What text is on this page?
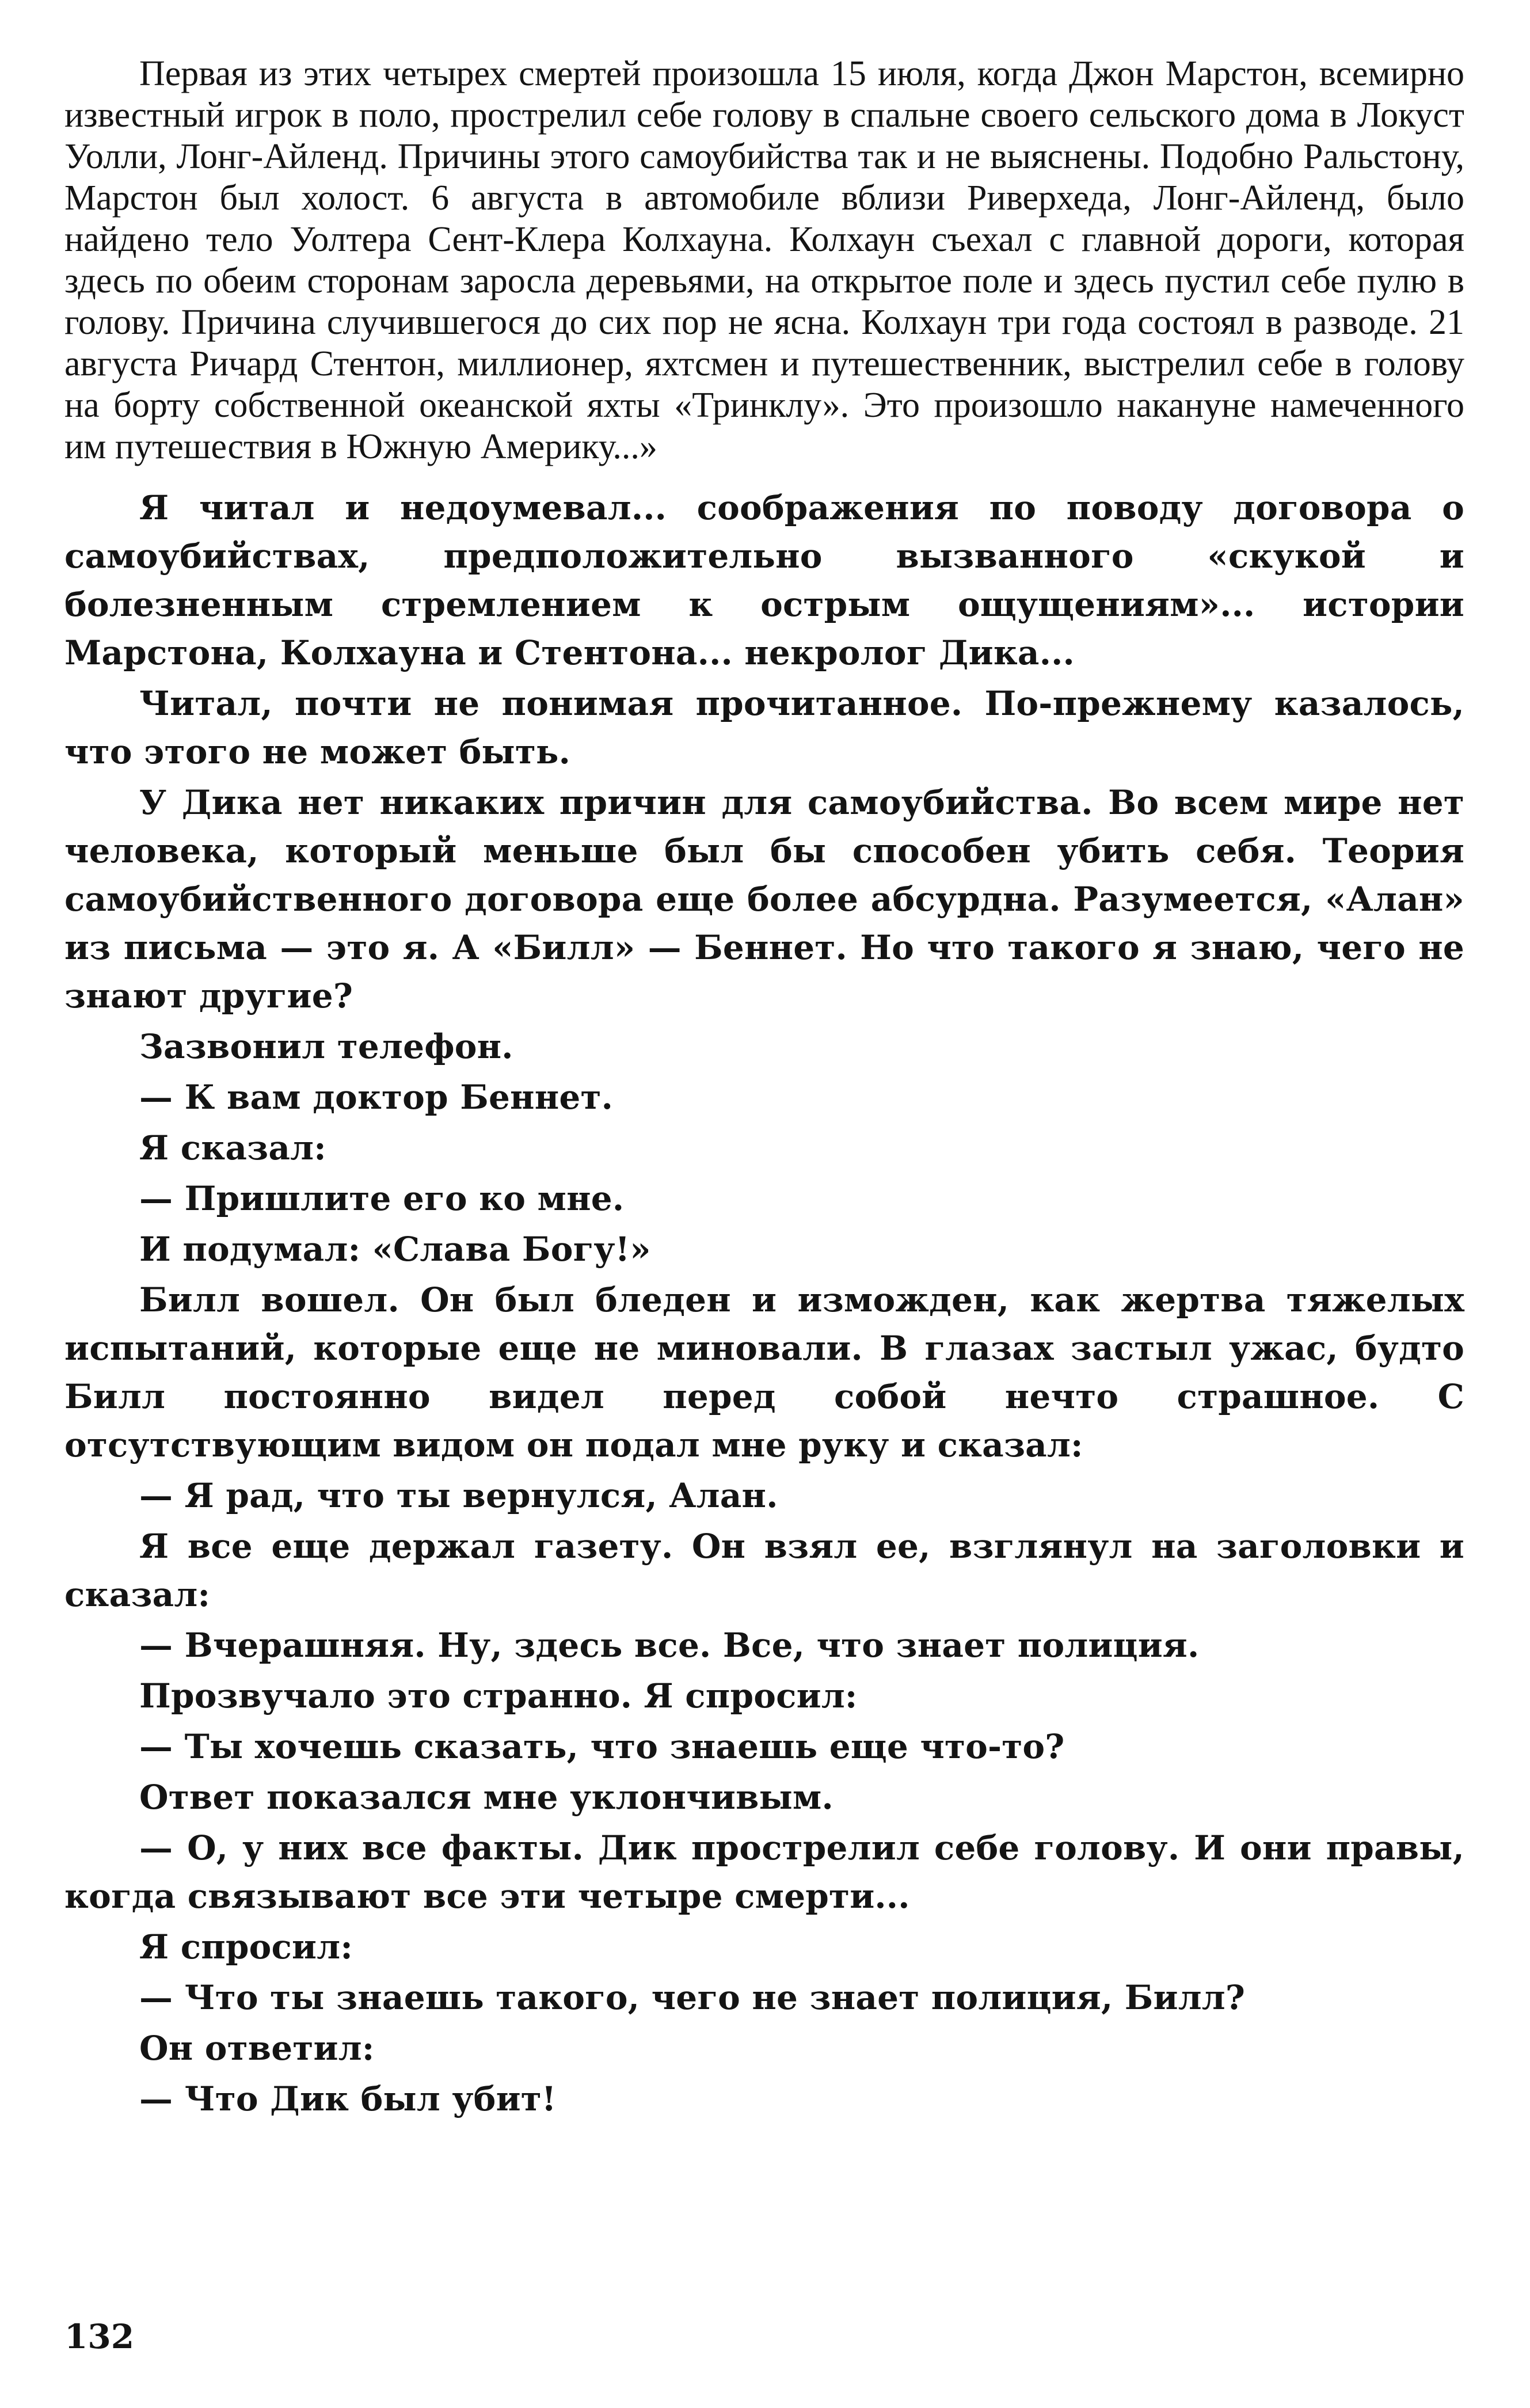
Первая из этих четырех смертей произошла 15 июля, когда Джон Марстон, всемирно известный игрок в поло, прострелил себе голову в спальне своего сельского дома в Локуст Уолли, Лонг-Айленд. Причины этого самоубийства так и не выяснены. Подобно Ральстону, Марстон был холост. 6 августа в автомобиле вблизи Риверхеда, Лонг-Айленд, было найдено тело Уолтера Сент-Клера Колхауна. Колхаун съехал с главной дороги, которая здесь по обеим сторонам заросла деревьями, на открытое поле и здесь пустил себе пулю в голову. Причина случившегося до сих пор не ясна. Колхаун три года состоял в разводе. 21 августа Ричард Стентон, миллионер, яхтсмен и путешественник, выстрелил себе в голову на борту собственной океанской яхты «Тринклу». Это произошло накануне намеченного им путешествия в Южную Америку...»

Я читал и недоумевал... соображения по поводу договора о самоубийствах, предположительно вызванного «скукой и болезненным стремлением к острым ощущениям»... истории Марстона, Колхауна и Стентона... некролог Дика...

Читал, почти не понимая прочитанное. По-прежнему казалось, что этого не может быть.

У Дика нет никаких причин для самоубийства. Во всем мире нет человека, который меньше был бы способен убить себя. Теория самоубийственного договора еще более абсурдна. Разумеется, «Алан» из письма — это я. А «Билл» — Беннет. Но что такого я знаю, чего не знают другие?

Зазвонил телефон.

— К вам доктор Беннет.

Я сказал:

— Пришлите его ко мне.

И подумал: «Слава Богу!»

Билл вошел. Он был бледен и изможден, как жертва тяжелых испытаний, которые еще не миновали. В глазах застыл ужас, будто Билл постоянно видел перед собой нечто страшное. С отсутствующим видом он подал мне руку и сказал:

— Я рад, что ты вернулся, Алан.

Я все еще держал газету. Он взял ее, взглянул на заголовки и сказал:

— Вчерашняя. Ну, здесь все. Все, что знает полиция.

Прозвучало это странно. Я спросил:

— Ты хочешь сказать, что знаешь еще что-то?

Ответ показался мне уклончивым.

— О, у них все факты. Дик прострелил себе голову. И они правы, когда связывают все эти четыре смерти...

Я спросил:

— Что ты знаешь такого, чего не знает полиция, Билл?

Он ответил:

— Что Дик был убит!

132
